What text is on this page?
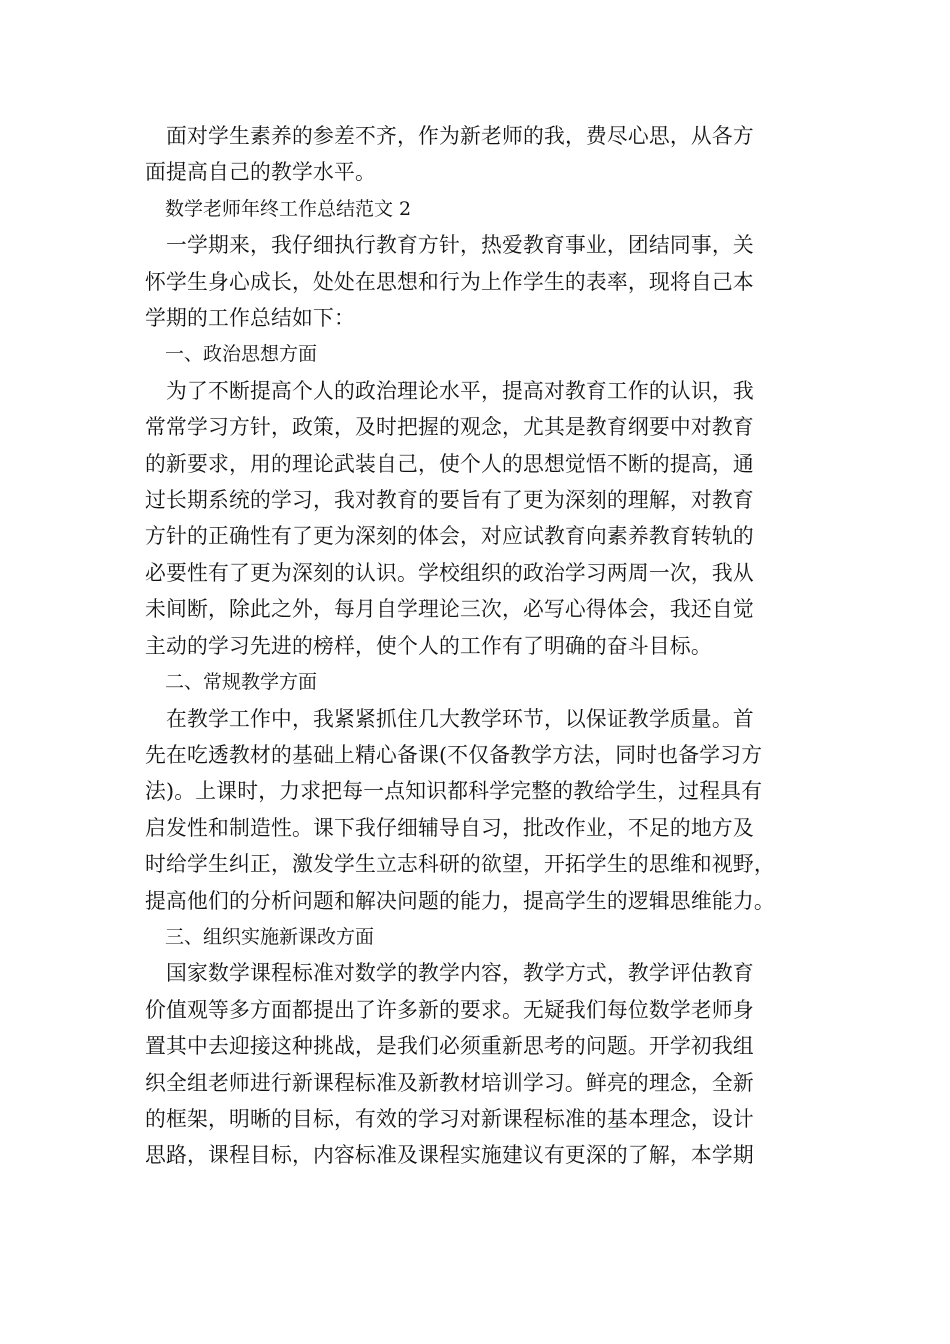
面对学生素养的参差不齐，作为新老师的我，费尽心思，从各方

面提高自己的教学水平。

数学老师年终工作总结范文 2

一学期来，我仔细执行教育方针，热爱教育事业，团结同事，关

怀学生身心成长，处处在思想和行为上作学生的表率，现将自己本

学期的工作总结如下：

一、政治思想方面

为了不断提高个人的政治理论水平，提高对教育工作的认识，我

常常学习方针，政策，及时把握的观念，尤其是教育纲要中对教育

的新要求，用的理论武装自己，使个人的思想觉悟不断的提高，通

过长期系统的学习，我对教育的要旨有了更为深刻的理解，对教育

方针的正确性有了更为深刻的体会，对应试教育向素养教育转轨的

必要性有了更为深刻的认识。学校组织的政治学习两周一次，我从

未间断，除此之外，每月自学理论三次，必写心得体会，我还自觉

主动的学习先进的榜样，使个人的工作有了明确的奋斗目标。

二、常规教学方面

在教学工作中，我紧紧抓住几大教学环节，以保证教学质量。首

先在吃透教材的基础上精心备课(不仅备教学方法，同时也备学习方

法)。上课时，力求把每一点知识都科学完整的教给学生，过程具有

启发性和制造性。课下我仔细辅导自习，批改作业，不足的地方及

时给学生纠正，激发学生立志科研的欲望，开拓学生的思维和视野，

提高他们的分析问题和解决问题的能力，提高学生的逻辑思维能力。

三、组织实施新课改方面

国家数学课程标准对数学的教学内容，教学方式，教学评估教育

价值观等多方面都提出了许多新的要求。无疑我们每位数学老师身

置其中去迎接这种挑战，是我们必须重新思考的问题。开学初我组

织全组老师进行新课程标准及新教材培训学习。鲜亮的理念，全新

的框架，明晰的目标，有效的学习对新课程标准的基本理念，设计

思路，课程目标，内容标准及课程实施建议有更深的了解，本学期
